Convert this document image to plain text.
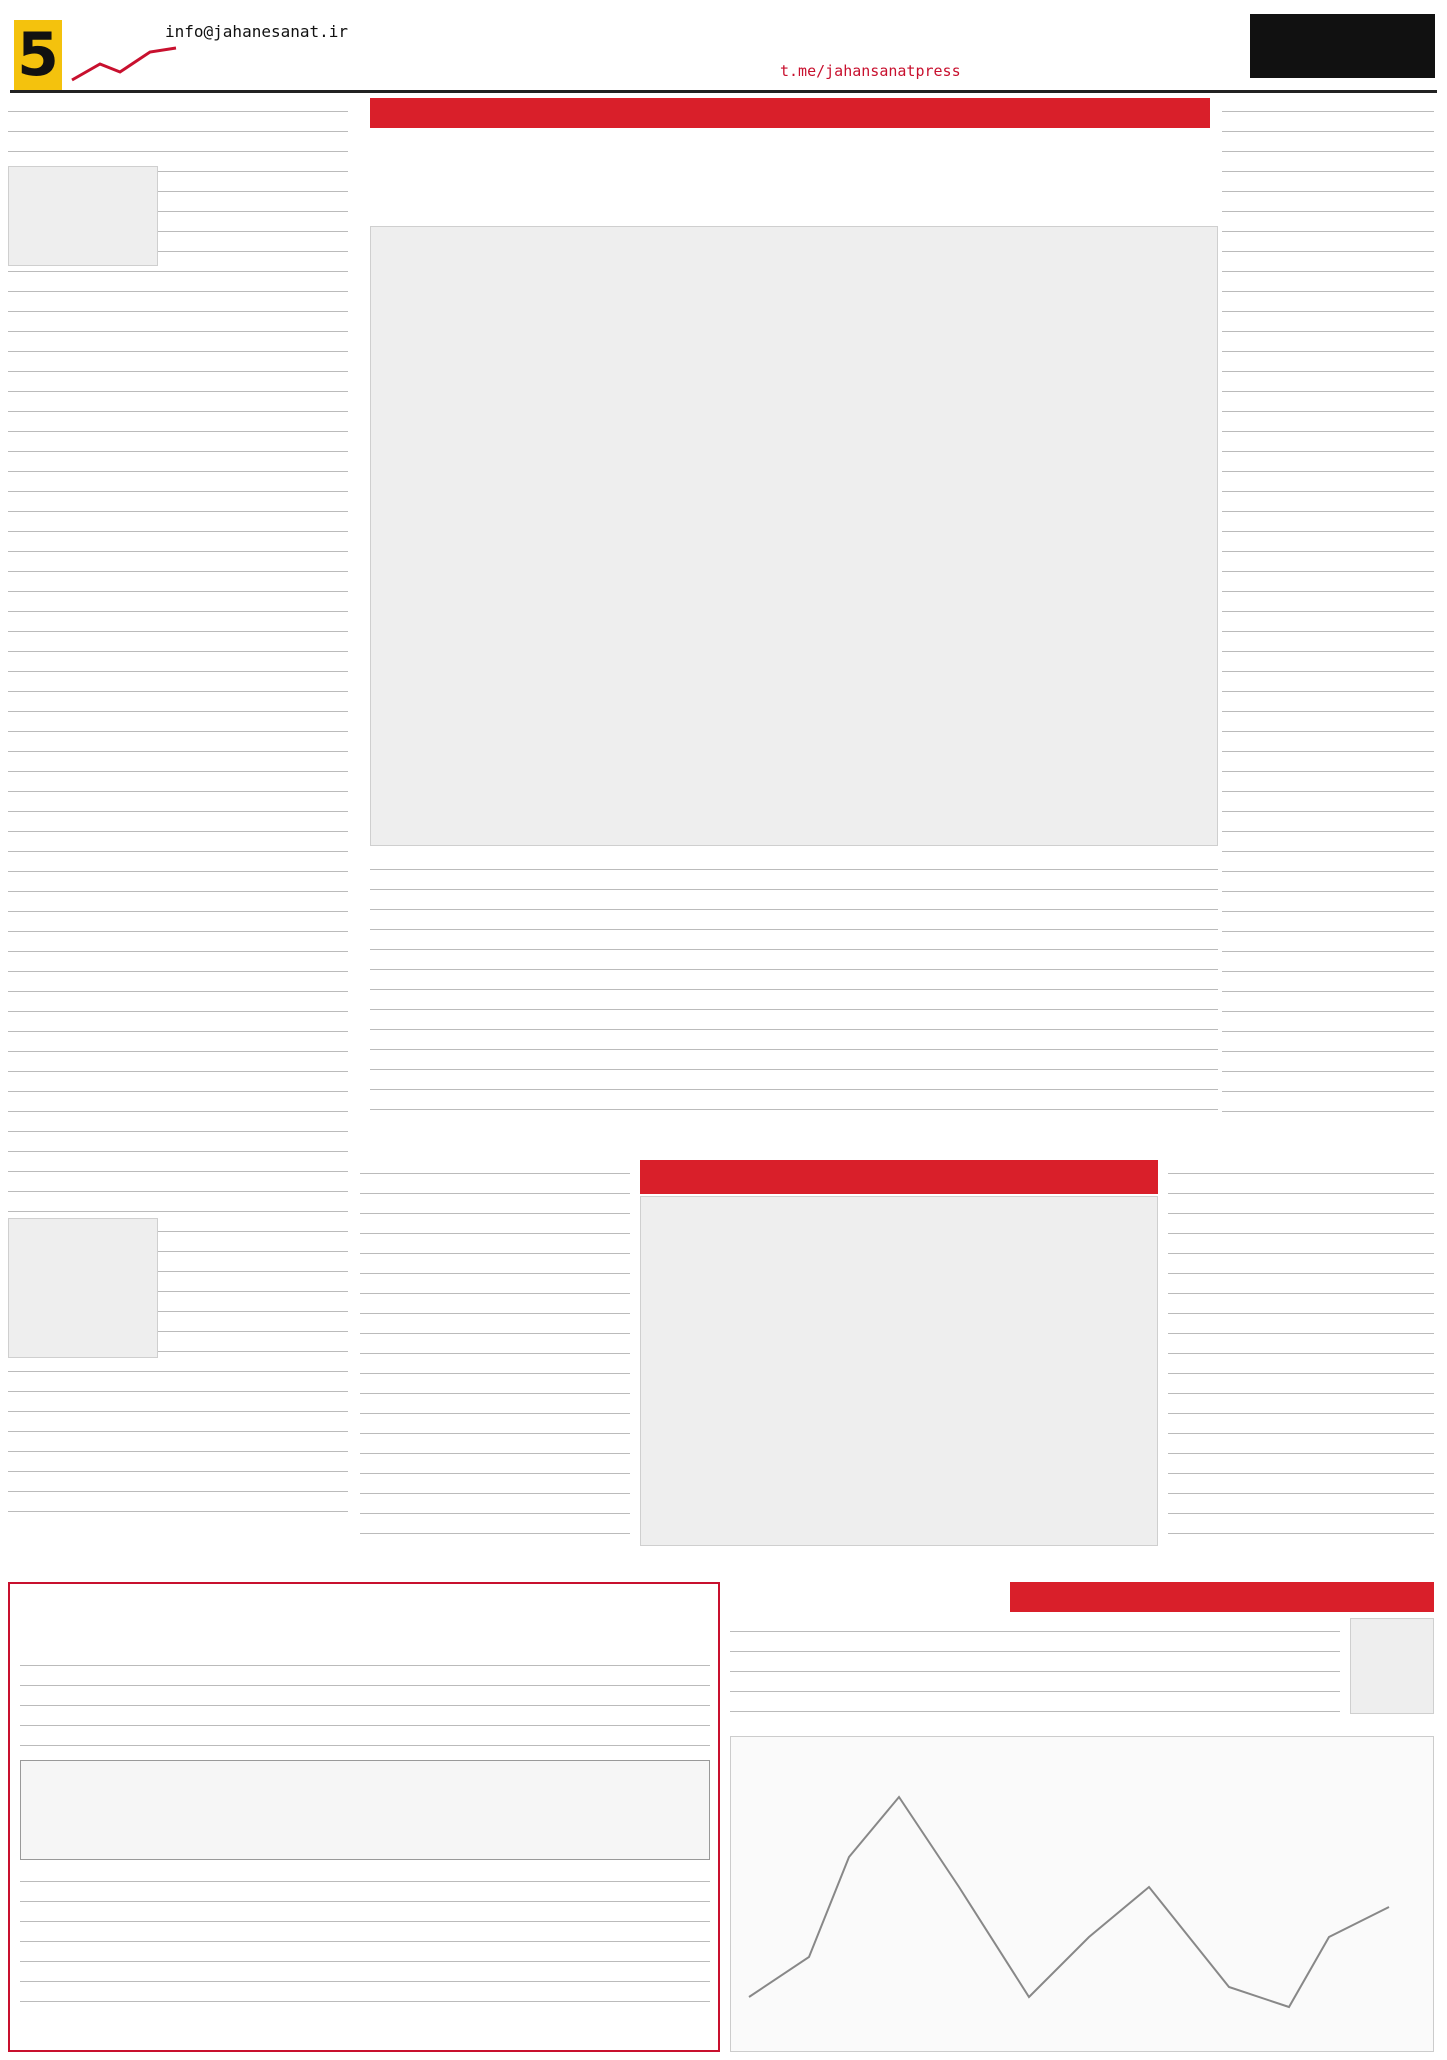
t.me/jahansanatpress
info@jahanesanat.ir
5
